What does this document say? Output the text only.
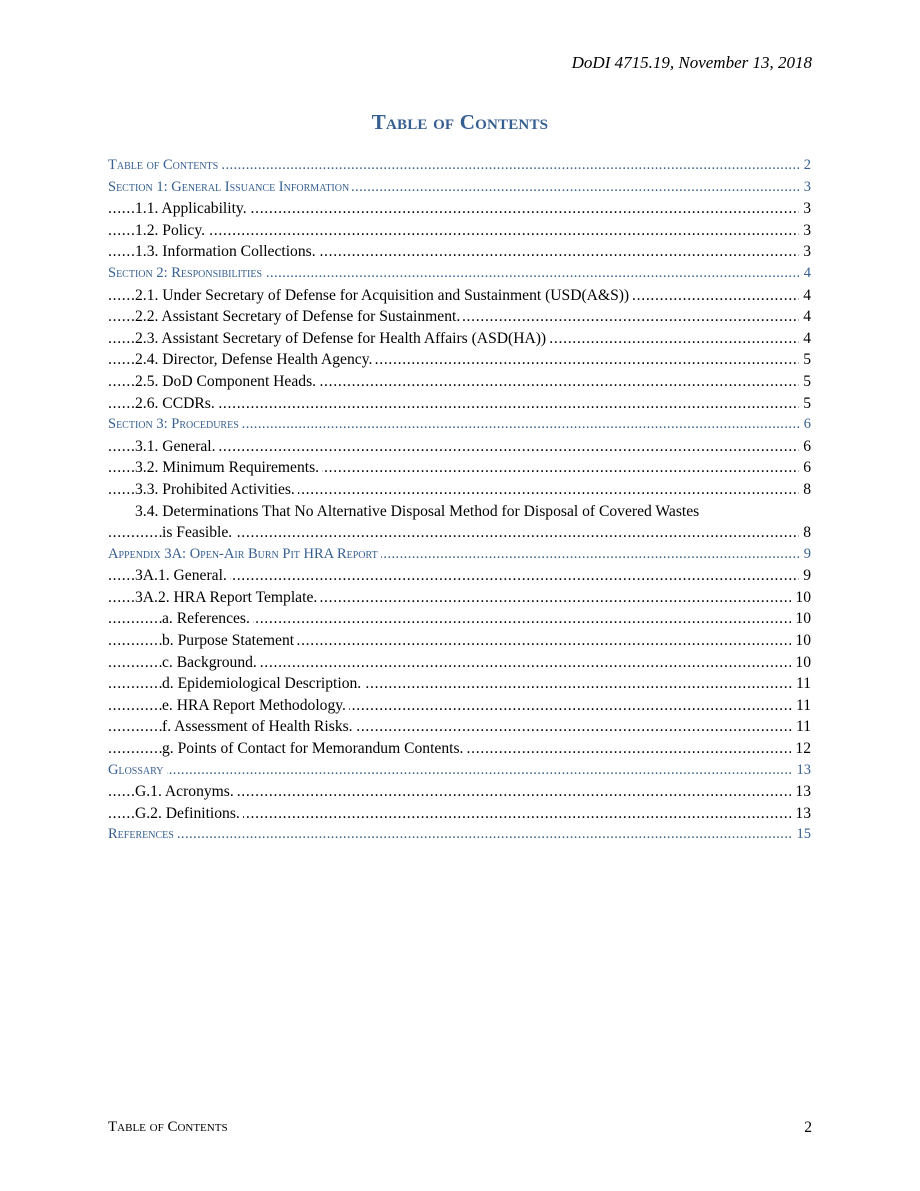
DoDI 4715.19, November 13, 2018
Table of Contents
. . .
Table of Contents	2
. . .
Section 1: General Issuance Information	3
. . .
1.1. Applicability.	3
. . .
1.2. Policy.	3
. . .
1.3. Information Collections.	3
. . .
Section 2: Responsibilities	4
. . .
2.1. Under Secretary of Defense for Acquisition and Sustainment (USD(A&S))	4
. . .
2.2. Assistant Secretary of Defense for Sustainment.	4
. . .
2.3. Assistant Secretary of Defense for Health Affairs (ASD(HA))	4
. . .
2.4. Director, Defense Health Agency.	5
. . .
2.5. DoD Component Heads.	5
. . .
2.6. CCDRs.	5
. . .
Section 3: Procedures	6
. . .
3.1. General.	6
. . .
3.2. Minimum Requirements.	6
. . .
3.3. Prohibited Activities.	8
3.4. Determinations That No Alternative Disposal Method for Disposal of Covered Wastes
. . .
is Feasible.	8
. . .
Appendix 3A: Open-Air Burn Pit HRA Report	9
. . .
3A.1. General.	9
. . .
3A.2. HRA Report Template.	10
. . .
a. References.	10
. . .
b. Purpose Statement	10
. . .
c. Background.	10
. . .
d. Epidemiological Description.	11
. . .
e. HRA Report Methodology.	11
. . .
f. Assessment of Health Risks.	11
. . .
g. Points of Contact for Memorandum Contents.	12
. . .
Glossary	13
. . .
G.1. Acronyms.	13
. . .
G.2. Definitions.	13
. . .
References	15
Table of Contents	2
